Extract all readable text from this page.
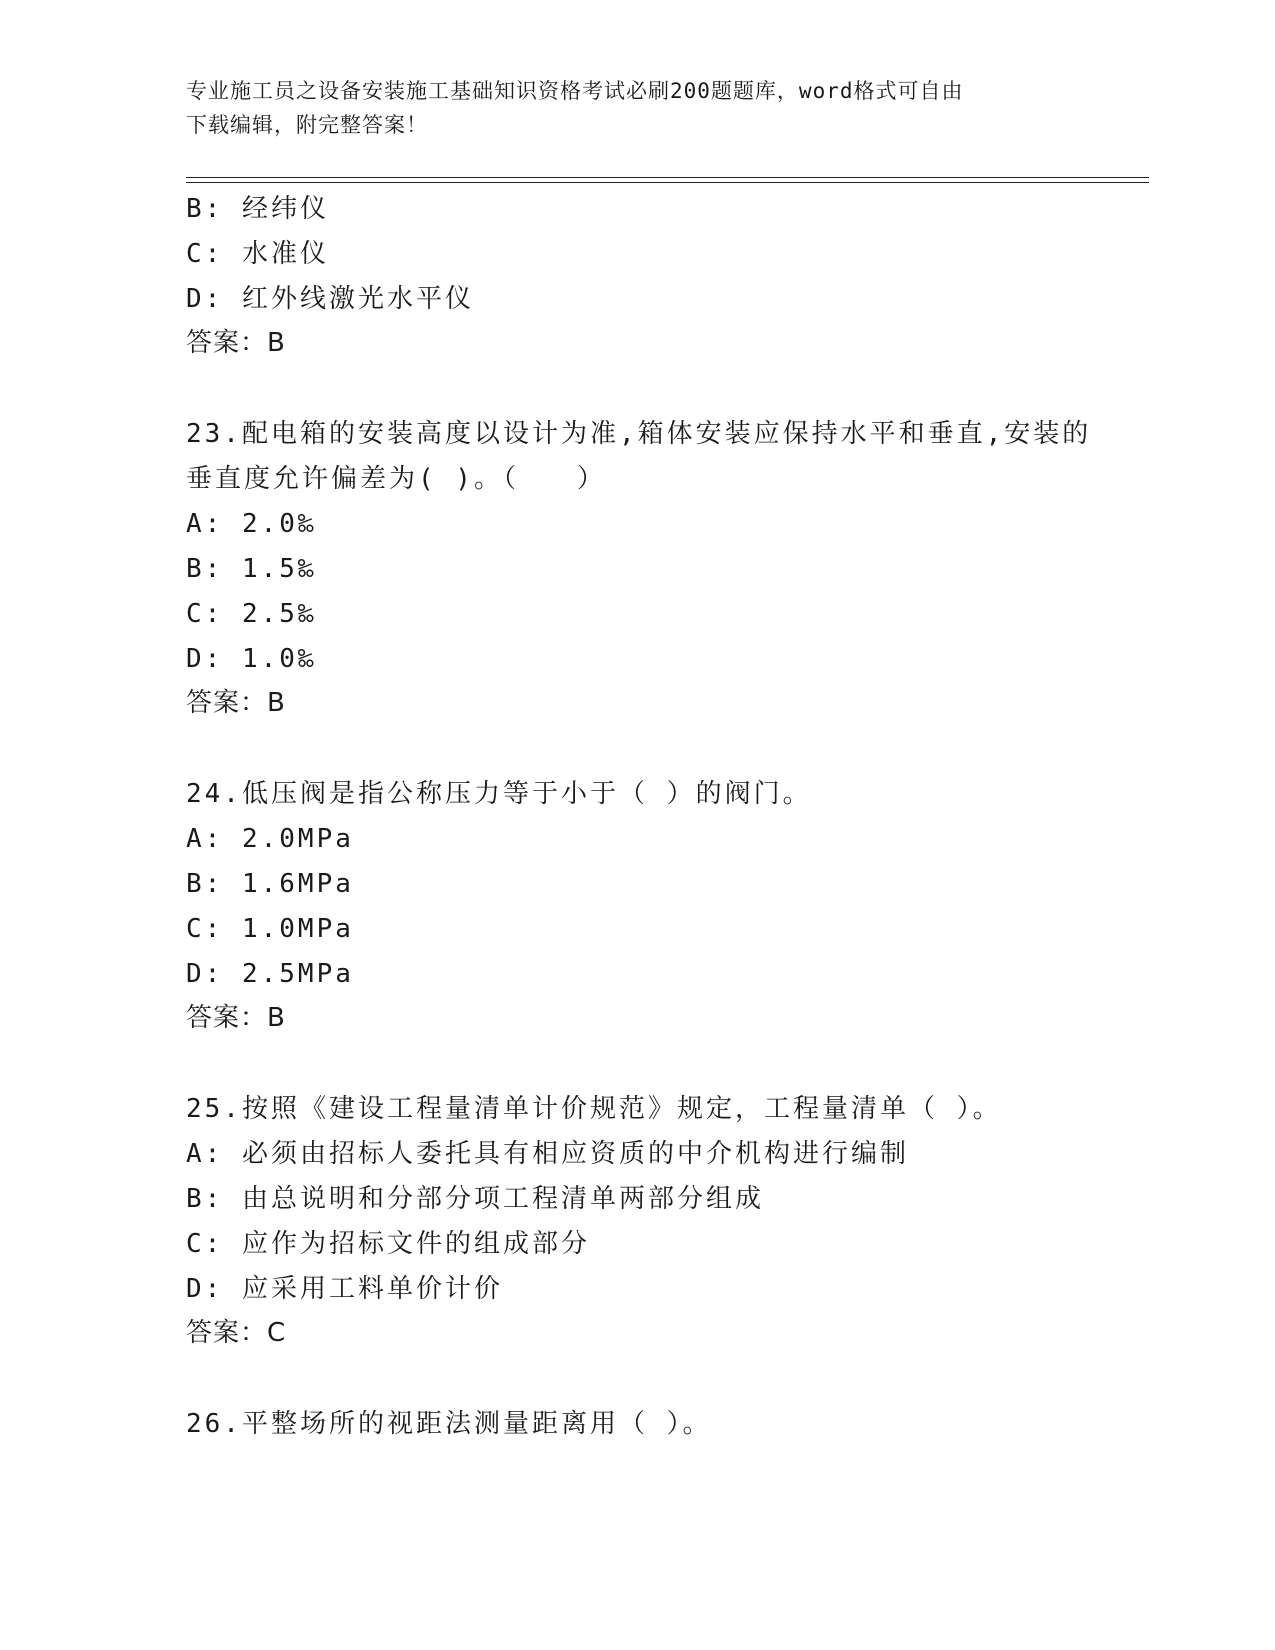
专业施工员之设备安装施工基础知识资格考试必刷200题题库，word格式可自由
下载编辑，附完整答案！
B: 经纬仪
C: 水准仪
D: 红外线激光水平仪
答案：B
23.配电箱的安装高度以设计为准,箱体安装应保持水平和垂直,安装的
垂直度允许偏差为( )。（　　）
A: 2.0‰
B: 1.5‰
C: 2.5‰
D: 1.0‰
答案：B
24.低压阀是指公称压力等于小于（ ）的阀门。
A: 2.0MPa
B: 1.6MPa
C: 1.0MPa
D: 2.5MPa
答案：B
25.按照《建设工程量清单计价规范》规定，工程量清单（ ）。
A: 必须由招标人委托具有相应资质的中介机构进行编制
B: 由总说明和分部分项工程清单两部分组成
C: 应作为招标文件的组成部分
D: 应采用工料单价计价
答案：C
26.平整场所的视距法测量距离用（ ）。
